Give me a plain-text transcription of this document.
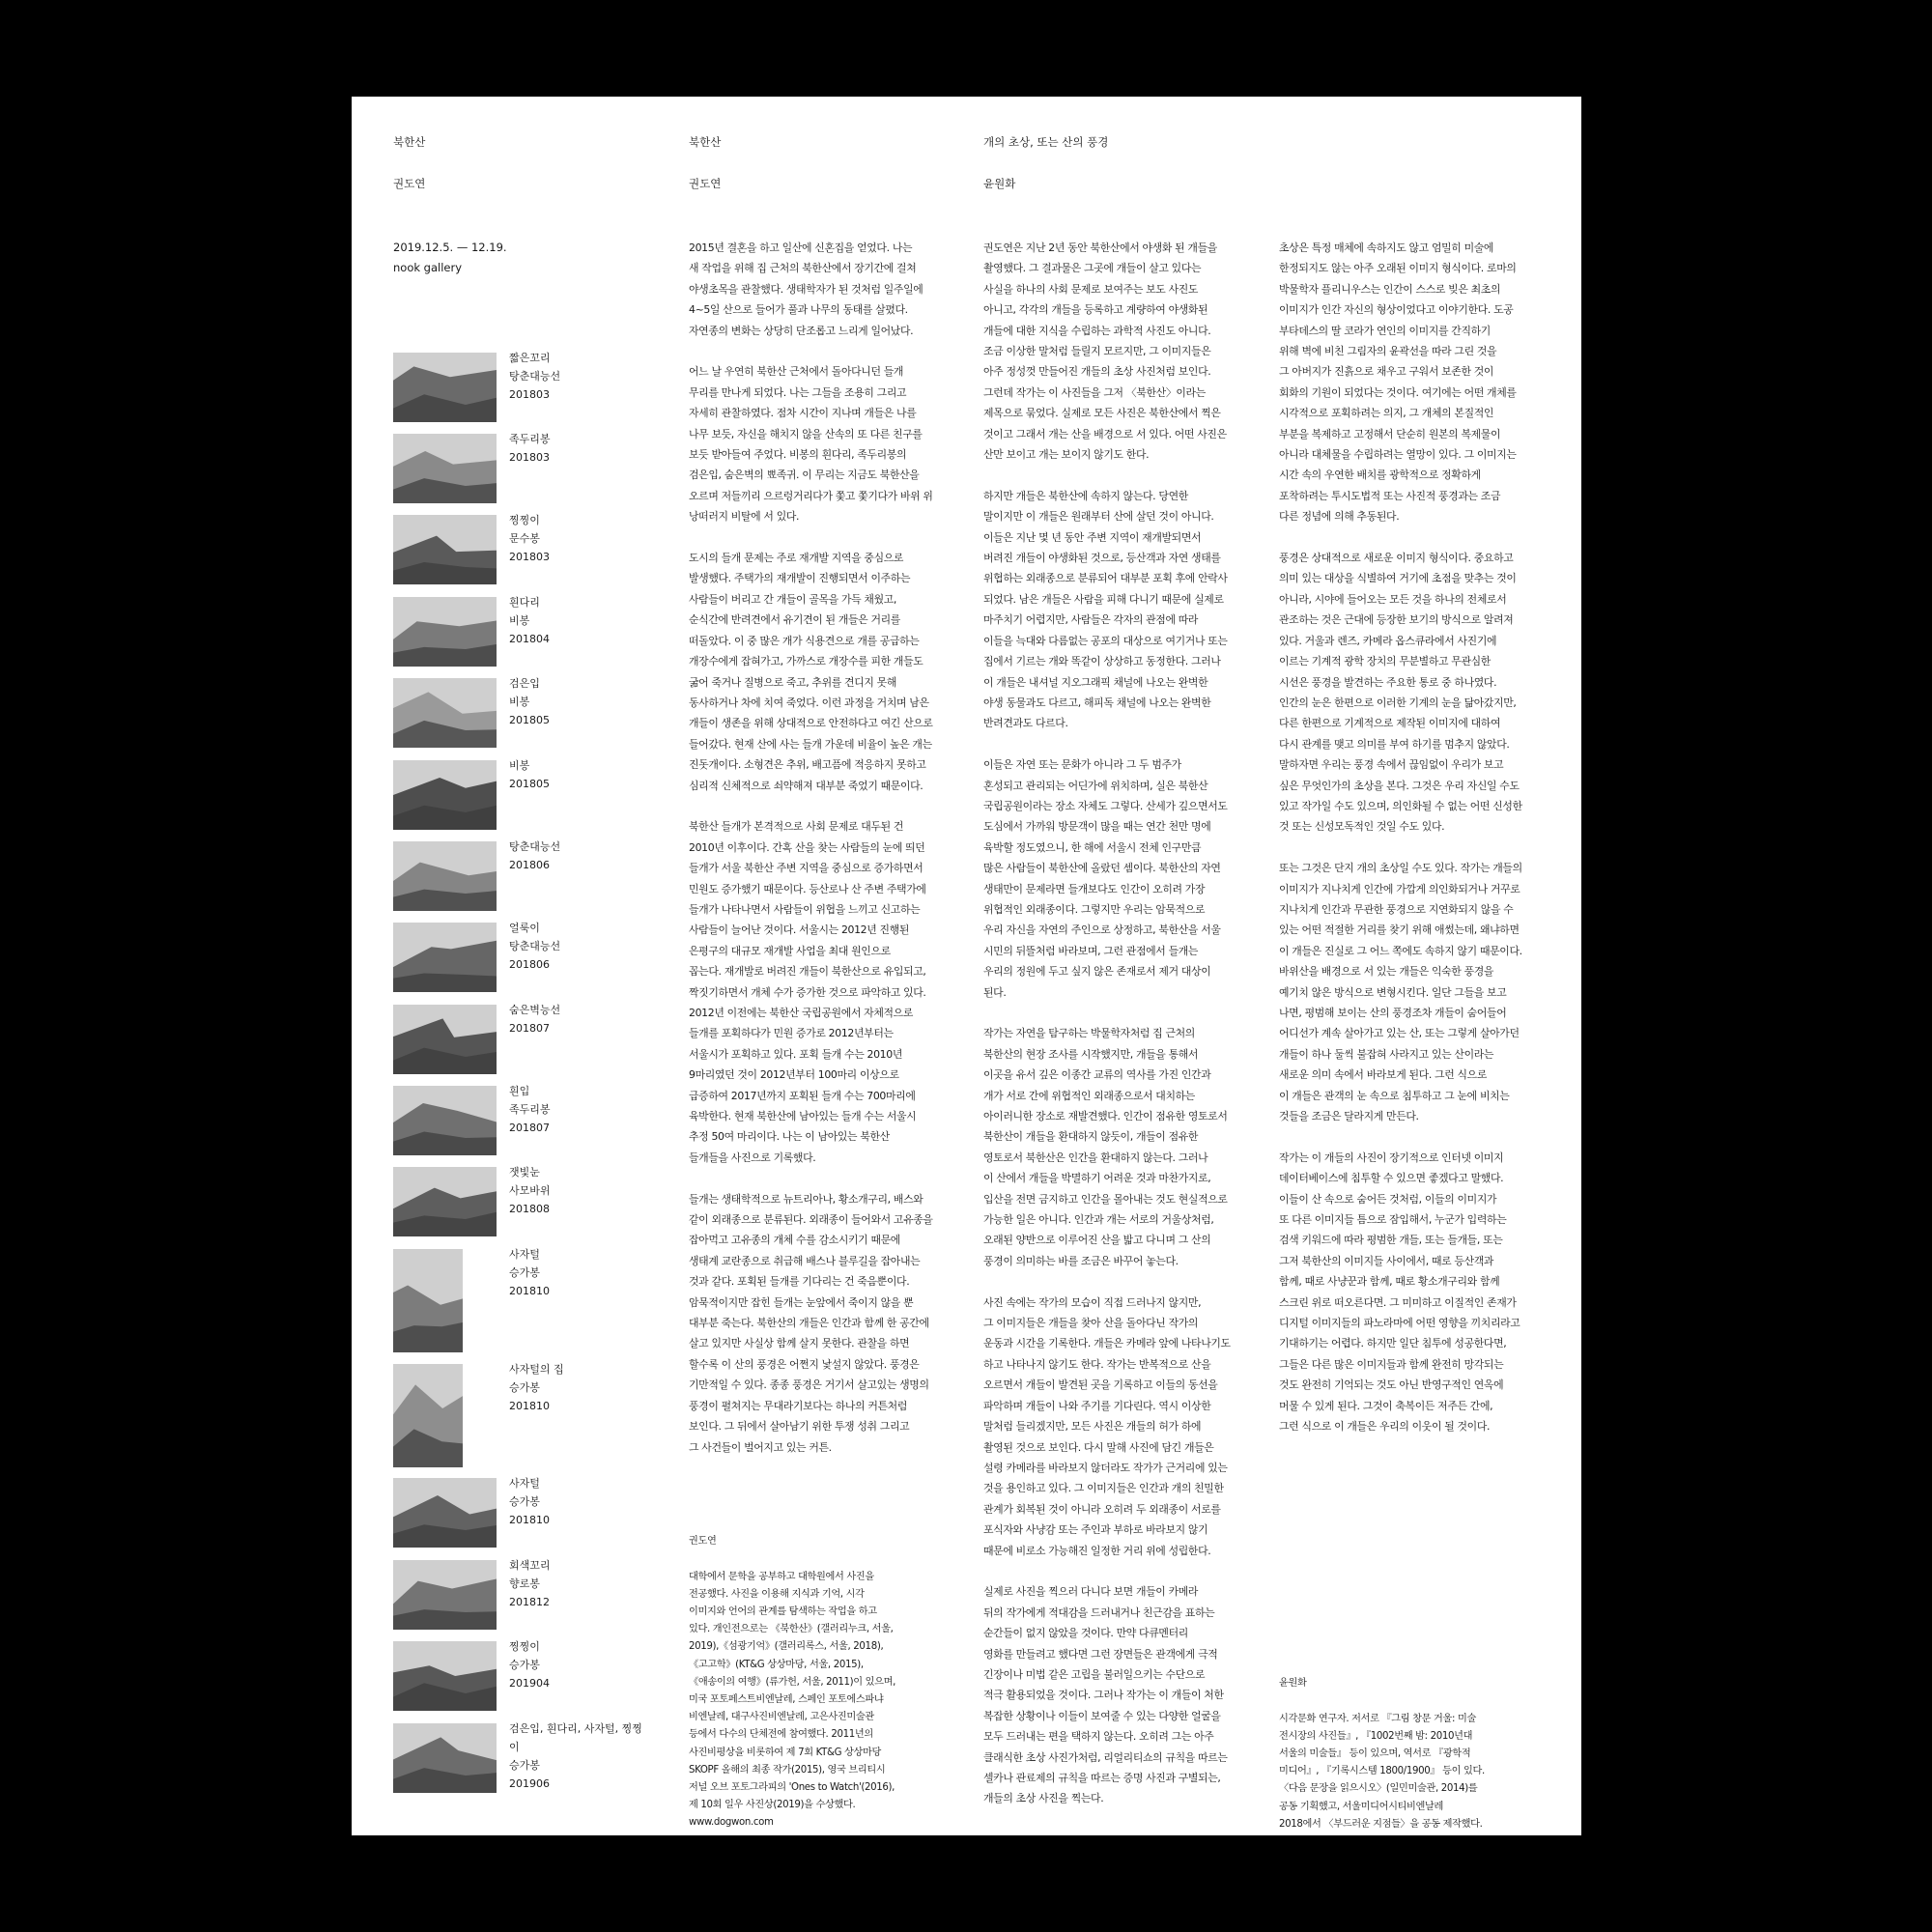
북한산
권도연
2019.12.5. — 12.19.
nook gallery
짧은꼬리
탕춘대능선
201803
족두리봉
201803
찡찡이
문수봉
201803
흰다리
비봉
201804
검은입
비봉
201805
비봉
201805
탕춘대능선
201806
얼룩이
탕춘대능선
201806
숨은벽능선
201807
흰입
족두리봉
201807
잿빛눈
사모바위
201808
사자털
승가봉
201810
사자털의 집
승가봉
201810
사자털
승가봉
201810
회색꼬리
향로봉
201812
찡찡이
승가봉
201904
검은입, 흰다리, 사자털, 찡찡이
승가봉
201906
북한산
권도연

2015년 결혼을 하고 일산에 신혼집을 얻었다. 나는
새 작업을 위해 집 근처의 북한산에서 장기간에 걸쳐
야생초목을 관찰했다. 생태학자가 된 것처럼 일주일에
4~5일 산으로 들어가 풀과 나무의 동태를 살폈다.
자연종의 변화는 상당히 단조롭고 느리게 일어났다.

어느 날 우연히 북한산 근처에서 돌아다니던 들개
무리를 만나게 되었다. 나는 그들을 조용히 그리고
자세히 관찰하였다. 점차 시간이 지나며 개들은 나를
나무 보듯, 자신을 해치지 않을 산속의 또 다른 친구를
보듯 받아들여 주었다. 비봉의 흰다리, 족두리봉의
검은입, 숨은벽의 뾰족귀. 이 무리는 지금도 북한산을
오르며 저들끼리 으르렁거리다가 쫓고 쫓기다가 바위 위
낭떠러지 비탈에 서 있다.

도시의 들개 문제는 주로 재개발 지역을 중심으로
발생했다. 주택가의 재개발이 진행되면서 이주하는
사람들이 버리고 간 개들이 골목을 가득 채웠고,
순식간에 반려견에서 유기견이 된 개들은 거리를
떠돌았다. 이 중 많은 개가 식용견으로 개를 공급하는
개장수에게 잡혀가고, 가까스로 개장수를 피한 개들도
굶어 죽거나 질병으로 죽고, 추위를 견디지 못해
동사하거나 차에 치여 죽었다. 이런 과정을 거치며 남은
개들이 생존을 위해 상대적으로 안전하다고 여긴 산으로
들어갔다. 현재 산에 사는 들개 가운데 비율이 높은 개는
진돗개이다. 소형견은 추위, 배고픔에 적응하지 못하고
심리적 신체적으로 쇠약해져 대부분 죽었기 때문이다.

북한산 들개가 본격적으로 사회 문제로 대두된 건
2010년 이후이다. 간혹 산을 찾는 사람들의 눈에 띄던
들개가 서울 북한산 주변 지역을 중심으로 증가하면서
민원도 증가했기 때문이다. 등산로나 산 주변 주택가에
들개가 나타나면서 사람들이 위협을 느끼고 신고하는
사람들이 늘어난 것이다. 서울시는 2012년 진행된
은평구의 대규모 재개발 사업을 최대 원인으로
꼽는다. 재개발로 버려진 개들이 북한산으로 유입되고,
짝짓기하면서 개체 수가 증가한 것으로 파악하고 있다.
2012년 이전에는 북한산 국립공원에서 자체적으로
들개를 포획하다가 민원 증가로 2012년부터는
서울시가 포획하고 있다. 포획 들개 수는 2010년
9마리였던 것이 2012년부터 100마리 이상으로
급증하여 2017년까지 포획된 들개 수는 700마리에
육박한다. 현재 북한산에 남아있는 들개 수는 서울시
추정 50여 마리이다. 나는 이 남아있는 북한산
들개들을 사진으로 기록했다.

들개는 생태학적으로 뉴트리아나, 황소개구리, 배스와
같이 외래종으로 분류된다. 외래종이 들어와서 고유종을
잡아먹고 고유종의 개체 수를 감소시키기 때문에
생태계 교란종으로 취급해 배스나 블루길을 잡아내는
것과 같다. 포획된 들개를 기다리는 건 죽음뿐이다.
암묵적이지만 잡힌 들개는 눈앞에서 죽이지 않을 뿐
대부분 죽는다. 북한산의 개들은 인간과 함께 한 공간에
살고 있지만 사실상 함께 살지 못한다. 관찰을 하면
할수록 이 산의 풍경은 어쩐지 낯설지 않았다. 풍경은
기만적일 수 있다. 종종 풍경은 거기서 살고있는 생명의
풍경이 펼쳐지는 무대라기보다는 하나의 커튼처럼
보인다. 그 뒤에서 살아남기 위한 투쟁 성취 그리고
그 사건들이 벌어지고 있는 커튼.

권도연

대학에서 문학을 공부하고 대학원에서 사진을
전공했다. 사진을 이용해 지식과 기억, 시각
이미지와 언어의 관계를 탐색하는 작업을 하고
있다. 개인전으로는 《북한산》(갤러리누크, 서울,
2019),《섬광기억》(갤러리록스, 서울, 2018),
《고고학》(KT&G 상상마당, 서울, 2015),
《애송이의 여행》(류가헌, 서울, 2011)이 있으며,
미국 포토페스트비엔날레, 스페인 포토에스파냐
비엔날레, 대구사진비엔날레, 고은사진미술관
등에서 다수의 단체전에 참여했다. 2011년의
사진비평상을 비롯하여 제 7회 KT&G 상상마당
SKOPF 올해의 최종 작가(2015), 영국 브리티시
저널 오브 포토그라피의 'Ones to Watch'(2016),
제 10회 일우 사진상(2019)을 수상했다.
www.dogwon.com

개의 초상, 또는 산의 풍경
윤원화

권도연은 지난 2년 동안 북한산에서 야생화 된 개들을
촬영했다. 그 결과물은 그곳에 개들이 살고 있다는
사실을 하나의 사회 문제로 보여주는 보도 사진도
아니고, 각각의 개들을 등록하고 계량하여 야생화된
개들에 대한 지식을 수립하는 과학적 사진도 아니다.
조금 이상한 말처럼 들릴지 모르지만, 그 이미지들은
아주 정성껏 만들어진 개들의 초상 사진처럼 보인다.
그런데 작가는 이 사진들을 그저 〈북한산〉이라는
제목으로 묶었다. 실제로 모든 사진은 북한산에서 찍은
것이고 그래서 개는 산을 배경으로 서 있다. 어떤 사진은
산만 보이고 개는 보이지 않기도 한다.

하지만 개들은 북한산에 속하지 않는다. 당연한
말이지만 이 개들은 원래부터 산에 살던 것이 아니다.
이들은 지난 몇 년 동안 주변 지역이 재개발되면서
버려진 개들이 야생화된 것으로, 등산객과 자연 생태를
위협하는 외래종으로 분류되어 대부분 포획 후에 안락사
되었다. 남은 개들은 사람을 피해 다니기 때문에 실제로
마주치기 어렵지만, 사람들은 각자의 관점에 따라
이들을 늑대와 다름없는 공포의 대상으로 여기거나 또는
집에서 기르는 개와 똑같이 상상하고 동정한다. 그러나
이 개들은 내셔널 지오그래픽 채널에 나오는 완벽한
야생 동물과도 다르고, 해피독 채널에 나오는 완벽한
반려견과도 다르다.

이들은 자연 또는 문화가 아니라 그 두 범주가
혼성되고 관리되는 어딘가에 위치하며, 실은 북한산
국립공원이라는 장소 자체도 그렇다. 산세가 깊으면서도
도심에서 가까워 방문객이 많을 때는 연간 천만 명에
육박할 정도였으니, 한 해에 서울시 전체 인구만큼
많은 사람들이 북한산에 올랐던 셈이다. 북한산의 자연
생태만이 문제라면 들개보다도 인간이 오히려 가장
위협적인 외래종이다. 그렇지만 우리는 암묵적으로
우리 자신을 자연의 주인으로 상정하고, 북한산을 서울
시민의 뒤뜰처럼 바라보며, 그런 관점에서 들개는
우리의 정원에 두고 싶지 않은 존재로서 제거 대상이
된다.

작가는 자연을 탐구하는 박물학자처럼 집 근처의
북한산의 현장 조사를 시작했지만, 개들을 통해서
이곳을 유서 깊은 이종간 교류의 역사를 가진 인간과
개가 서로 간에 위협적인 외래종으로서 대치하는
아이러니한 장소로 재발견했다. 인간이 점유한 영토로서
북한산이 개들을 환대하지 않듯이, 개들이 점유한
영토로서 북한산은 인간을 환대하지 않는다. 그러나
이 산에서 개들을 박멸하기 어려운 것과 마찬가지로,
입산을 전면 금지하고 인간을 몰아내는 것도 현실적으로
가능한 일은 아니다. 인간과 개는 서로의 거울상처럼,
오래된 양반으로 이루어진 산을 밟고 다니며 그 산의
풍경이 의미하는 바를 조금은 바꾸어 놓는다.

사진 속에는 작가의 모습이 직접 드러나지 않지만,
그 이미지들은 개들을 찾아 산을 돌아다닌 작가의
운동과 시간을 기록한다. 개들은 카메라 앞에 나타나기도
하고 나타나지 않기도 한다. 작가는 반복적으로 산을
오르면서 개들이 발견된 곳을 기록하고 이들의 동선을
파악하며 개들이 나와 주기를 기다린다. 역시 이상한
말처럼 들리겠지만, 모든 사진은 개들의 허가 하에
촬영된 것으로 보인다. 다시 말해 사진에 담긴 개들은
설령 카메라를 바라보지 않더라도 작가가 근거리에 있는
것을 용인하고 있다. 그 이미지들은 인간과 개의 친밀한
관계가 회복된 것이 아니라 오히려 두 외래종이 서로를
포식자와 사냥감 또는 주인과 부하로 바라보지 않기
때문에 비로소 가능해진 일정한 거리 위에 성립한다.

실제로 사진을 찍으러 다니다 보면 개들이 카메라
뒤의 작가에게 적대감을 드러내거나 친근감을 표하는
순간들이 없지 않았을 것이다. 만약 다큐멘터리
영화를 만들려고 했다면 그런 장면들은 관객에게 극적
긴장이나 미법 같은 고립을 불러일으키는 수단으로
적극 활용되었을 것이다. 그러나 작가는 이 개들이 처한
복잡한 상황이나 이들이 보여줄 수 있는 다양한 얼굴을
모두 드러내는 편을 택하지 않는다. 오히려 그는 아주
클래식한 초상 사진가처럼, 리얼리티쇼의 규칙을 따르는
셀카나 관료제의 규칙을 따르는 증명 사진과 구별되는,
개들의 초상 사진을 찍는다.

초상은 특정 매체에 속하지도 않고 엄밀히 미술에
한정되지도 않는 아주 오래된 이미지 형식이다. 로마의
박물학자 플리니우스는 인간이 스스로 빚은 최초의
이미지가 인간 자신의 형상이었다고 이야기한다. 도공
부타데스의 딸 코라가 연인의 이미지를 간직하기
위해 벽에 비친 그림자의 윤곽선을 따라 그린 것을
그 아버지가 진흙으로 채우고 구워서 보존한 것이
회화의 기원이 되었다는 것이다. 여기에는 어떤 개체를
시각적으로 포획하려는 의지, 그 개체의 본질적인
부분을 복제하고 고정해서 단순히 원본의 복제물이
아니라 대체물을 수립하려는 열망이 있다. 그 이미지는
시간 속의 우연한 배치를 광학적으로 정확하게
포착하려는 투시도법적 또는 사진적 풍경과는 조금
다른 정념에 의해 추동된다.

풍경은 상대적으로 새로운 이미지 형식이다. 중요하고
의미 있는 대상을 식별하여 거기에 초점을 맞추는 것이
아니라, 시야에 들어오는 모든 것을 하나의 전체로서
관조하는 것은 근대에 등장한 보기의 방식으로 알려져
있다. 거울과 렌즈, 카메라 옵스큐라에서 사진기에
이르는 기계적 광학 장치의 무분별하고 무관심한
시선은 풍경을 발견하는 주요한 통로 중 하나였다.
인간의 눈은 한편으로 이러한 기계의 눈을 닮아갔지만,
다른 한편으로 기계적으로 제작된 이미지에 대하여
다시 관계를 맺고 의미를 부여 하기를 멈추지 않았다.
말하자면 우리는 풍경 속에서 끊임없이 우리가 보고
싶은 무엇인가의 초상을 본다. 그것은 우리 자신일 수도
있고 작가일 수도 있으며, 의인화될 수 없는 어떤 신성한
것 또는 신성모독적인 것일 수도 있다.

또는 그것은 단지 개의 초상일 수도 있다. 작가는 개들의
이미지가 지나치게 인간에 가깝게 의인화되거나 거꾸로
지나치게 인간과 무관한 풍경으로 지연화되지 않을 수
있는 어떤 적절한 거리를 찾기 위해 애썼는데, 왜냐하면
이 개들은 진실로 그 어느 쪽에도 속하지 않기 때문이다.
바위산을 배경으로 서 있는 개들은 익숙한 풍경을
예기치 않은 방식으로 변형시킨다. 일단 그들을 보고
나면, 평범해 보이는 산의 풍경조차 개들이 숨어들어
어디선가 계속 살아가고 있는 산, 또는 그렇게 살아가던
개들이 하나 둘씩 불잡혀 사라지고 있는 산이라는
새로운 의미 속에서 바라보게 된다. 그런 식으로
이 개들은 관객의 눈 속으로 침투하고 그 눈에 비치는
것들을 조금은 달라지게 만든다.

작가는 이 개들의 사진이 장기적으로 인터넷 이미지
데이터베이스에 침투할 수 있으면 좋겠다고 말했다.
이들이 산 속으로 숨어든 것처럼, 이들의 이미지가
또 다른 이미지들 틈으로 잠입해서, 누군가 입력하는
검색 키워드에 따라 평범한 개들, 또는 들개들, 또는
그저 북한산의 이미지들 사이에서, 때로 등산객과
함께, 때로 사냥꾼과 함께, 때로 황소개구리와 함께
스크린 위로 떠오른다면. 그 미미하고 이질적인 존재가
디지털 이미지들의 파노라마에 어떤 영향을 끼치리라고
기대하기는 어렵다. 하지만 일단 침투에 성공한다면,
그들은 다른 많은 이미지들과 함께 완전히 망각되는
것도 완전히 기억되는 것도 아닌 반영구적인 연옥에
머물 수 있게 된다. 그것이 축복이든 저주든 간에,
그런 식으로 이 개들은 우리의 이웃이 될 것이다.

윤원화

시각문화 연구자. 저서로 『그림 창문 거울: 미술
전시장의 사진들』, 『1002번째 밤: 2010년대
서울의 미술들』 등이 있으며, 역서로 『광학적
미디어』, 『기록시스템 1800/1900』 등이 있다.
〈다음 문장을 읽으시오〉(일민미술관, 2014)를
공동 기획했고, 서울미디어시티비엔날레
2018에서 〈부드러운 지점들〉을 공동 제작했다.
